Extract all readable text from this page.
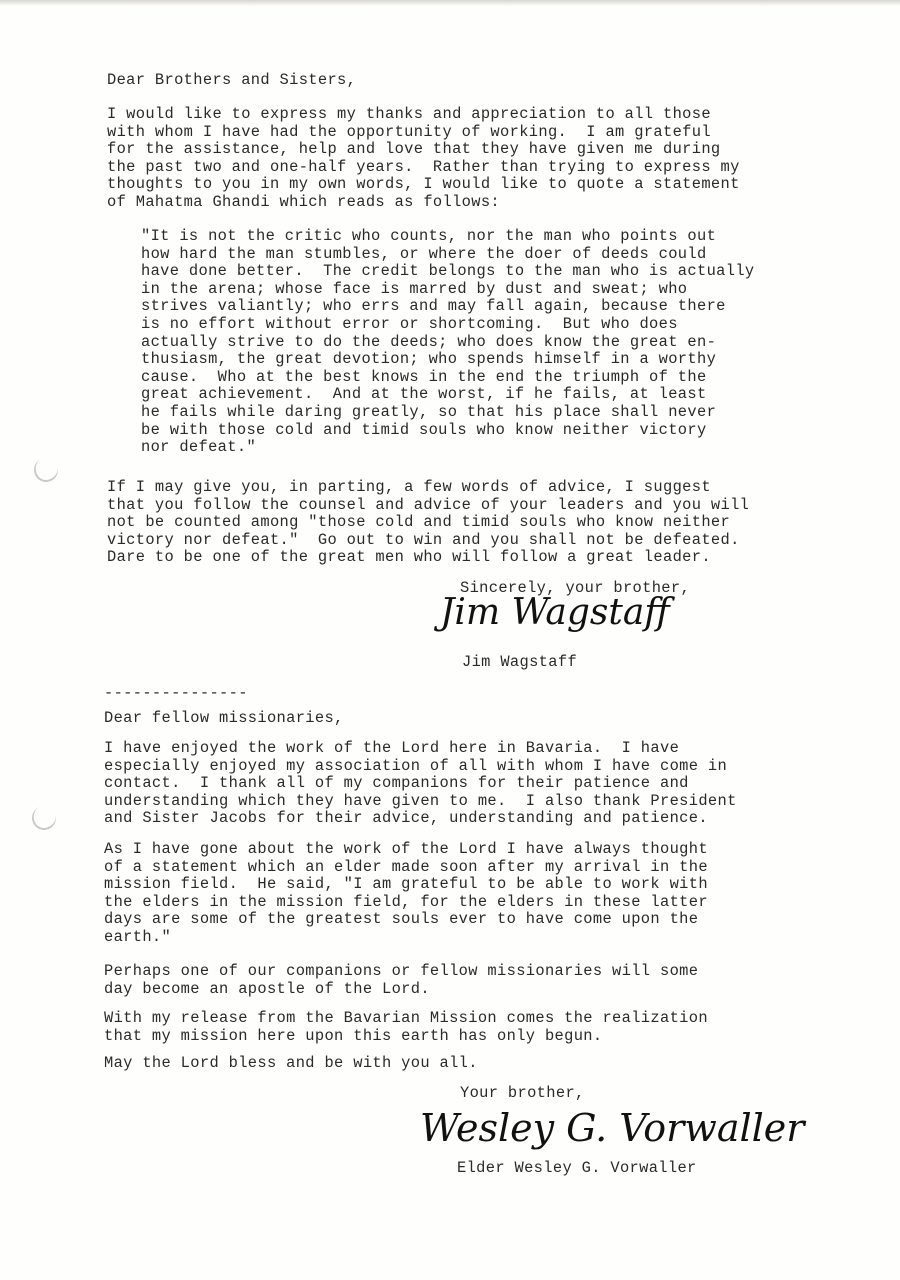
Dear Brothers and Sisters,
I would like to express my thanks and appreciation to all those
with whom I have had the opportunity of working.  I am grateful
for the assistance, help and love that they have given me during
the past two and one-half years.  Rather than trying to express my
thoughts to you in my own words, I would like to quote a statement
of Mahatma Ghandi which reads as follows:
"It is not the critic who counts, nor the man who points out
how hard the man stumbles, or where the doer of deeds could
have done better.  The credit belongs to the man who is actually
in the arena; whose face is marred by dust and sweat; who
strives valiantly; who errs and may fall again, because there
is no effort without error or shortcoming.  But who does
actually strive to do the deeds; who does know the great en-
thusiasm, the great devotion; who spends himself in a worthy
cause.  Who at the best knows in the end the triumph of the
great achievement.  And at the worst, if he fails, at least
he fails while daring greatly, so that his place shall never
be with those cold and timid souls who know neither victory
nor defeat."
If I may give you, in parting, a few words of advice, I suggest
that you follow the counsel and advice of your leaders and you will
not be counted among "those cold and timid souls who know neither
victory nor defeat."  Go out to win and you shall not be defeated.
Dare to be one of the great men who will follow a great leader.
Sincerely, your brother,
Jim Wagstaff
Jim Wagstaff
---------------
Dear fellow missionaries,
I have enjoyed the work of the Lord here in Bavaria.  I have
especially enjoyed my association of all with whom I have come in
contact.  I thank all of my companions for their patience and
understanding which they have given to me.  I also thank President
and Sister Jacobs for their advice, understanding and patience.
As I have gone about the work of the Lord I have always thought
of a statement which an elder made soon after my arrival in the
mission field.  He said, "I am grateful to be able to work with
the elders in the mission field, for the elders in these latter
days are some of the greatest souls ever to have come upon the
earth."
Perhaps one of our companions or fellow missionaries will some
day become an apostle of the Lord.
With my release from the Bavarian Mission comes the realization
that my mission here upon this earth has only begun.
May the Lord bless and be with you all.
Your brother,
Wesley G. Vorwaller
Elder Wesley G. Vorwaller
